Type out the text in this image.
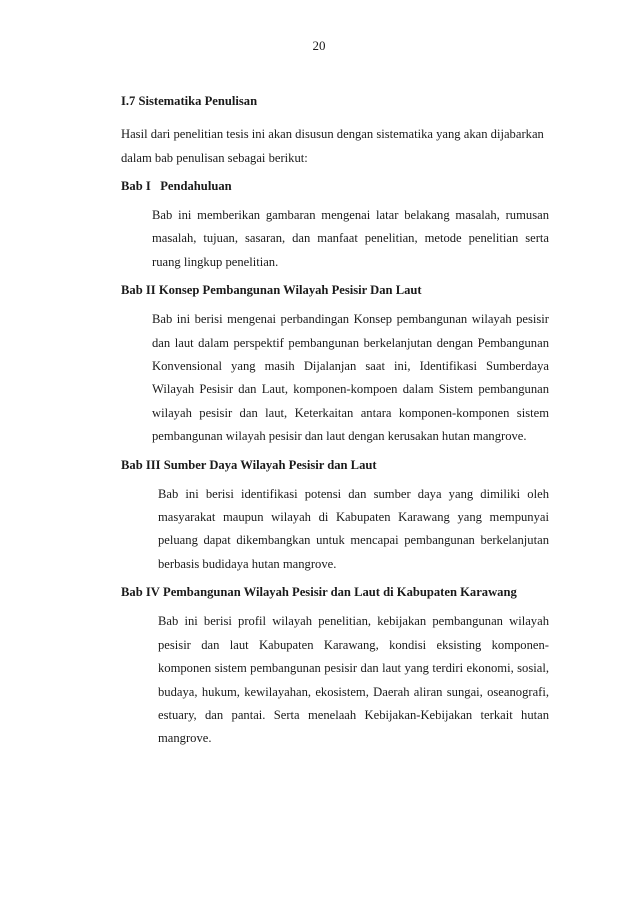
20

I.7 Sistematika Penulisan

Hasil dari penelitian tesis ini akan disusun dengan sistematika yang akan dijabarkan dalam bab penulisan sebagai berikut:

Bab I Pendahuluan

Bab ini memberikan gambaran mengenai latar belakang masalah, rumusan masalah, tujuan, sasaran, dan manfaat penelitian, metode penelitian serta ruang lingkup penelitian.

Bab II Konsep Pembangunan Wilayah Pesisir Dan Laut

Bab ini berisi mengenai perbandingan Konsep pembangunan wilayah pesisir dan laut dalam perspektif pembangunan berkelanjutan dengan Pembangunan Konvensional yang masih Dijalanjan saat ini, Identifikasi Sumberdaya Wilayah Pesisir dan Laut, komponen-kompoen dalam Sistem pembangunan wilayah pesisir dan laut, Keterkaitan antara komponen-komponen sistem pembangunan wilayah pesisir dan laut dengan kerusakan hutan mangrove.

Bab III Sumber Daya Wilayah Pesisir dan Laut

Bab ini berisi identifikasi potensi dan sumber daya yang dimiliki oleh masyarakat maupun wilayah di Kabupaten Karawang yang mempunyai peluang dapat dikembangkan untuk mencapai pembangunan berkelanjutan berbasis budidaya hutan mangrove.

Bab IV Pembangunan Wilayah Pesisir dan Laut di Kabupaten Karawang

Bab ini berisi profil wilayah penelitian, kebijakan pembangunan wilayah pesisir dan laut Kabupaten Karawang, kondisi eksisting komponen-komponen sistem pembangunan pesisir dan laut yang terdiri ekonomi, sosial, budaya, hukum, kewilayahan, ekosistem, Daerah aliran sungai, oseanografi, estuary, dan pantai. Serta menelaah Kebijakan-Kebijakan terkait hutan mangrove.
